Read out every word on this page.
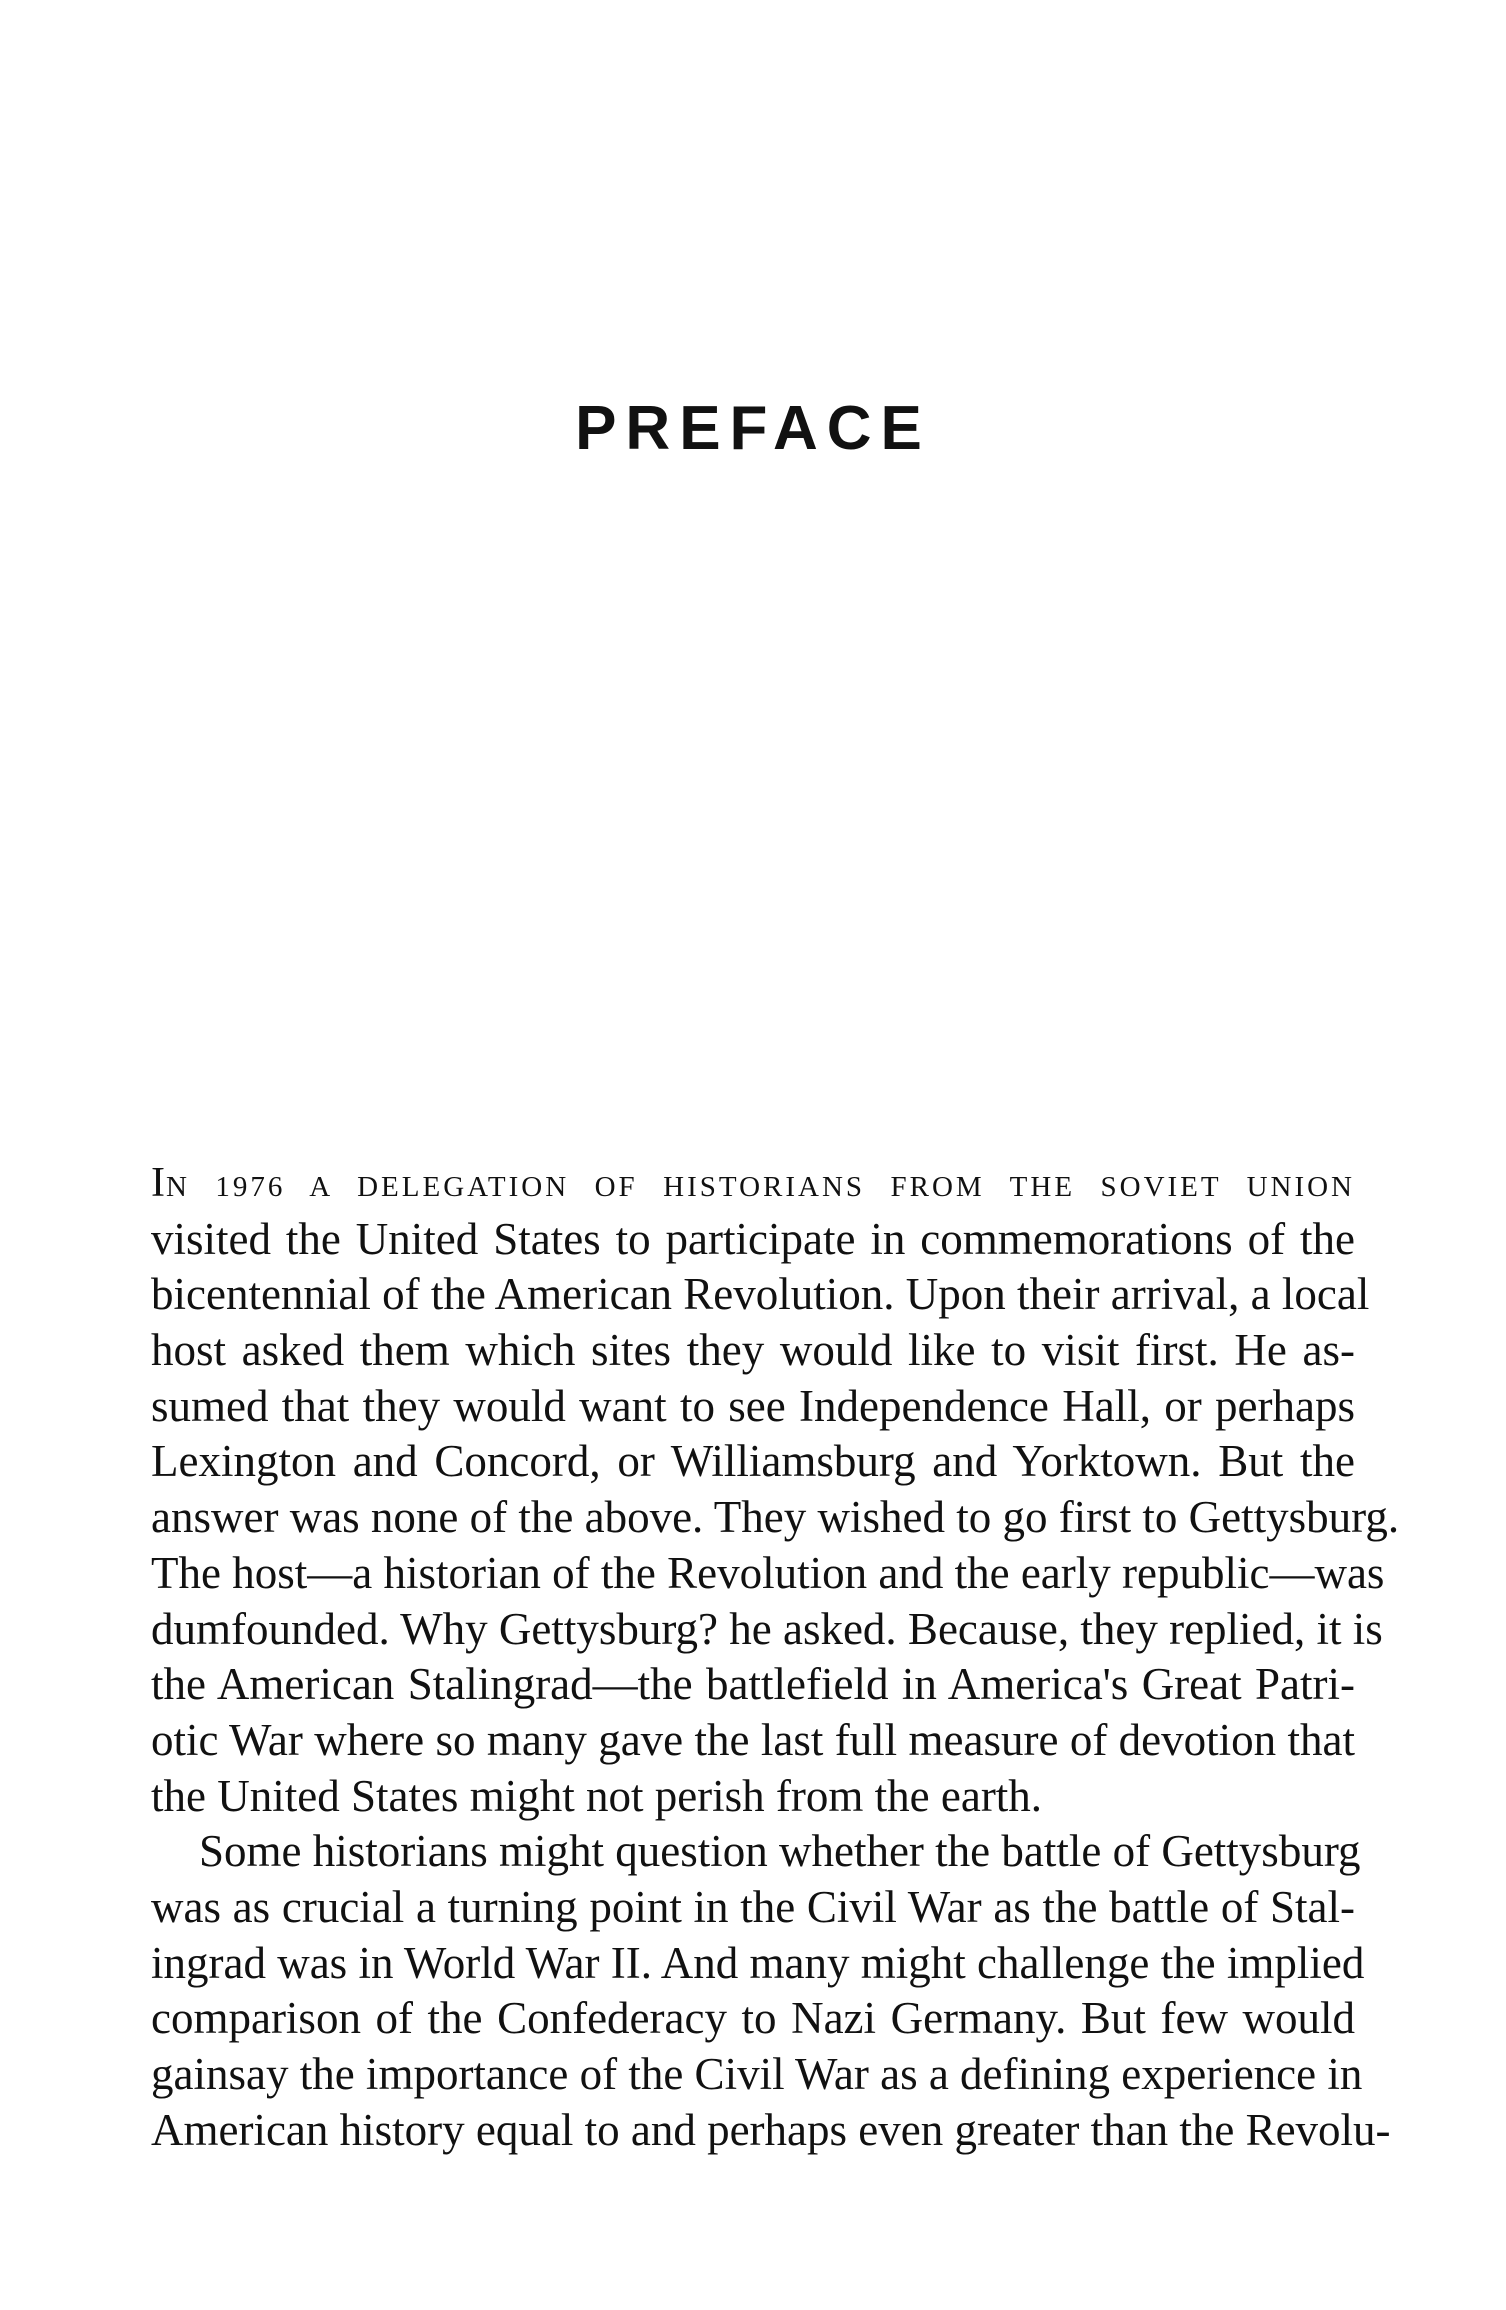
PREFACE
IN 1976 A DELEGATION OF HISTORIANS FROM THE SOVIET UNION
visited the United States to participate in commemorations of the
bicentennial of the American Revolution. Upon their arrival, a local
host asked them which sites they would like to visit first. He as-
sumed that they would want to see Independence Hall, or perhaps
Lexington and Concord, or Williamsburg and Yorktown. But the
answer was none of the above. They wished to go first to Gettysburg.
The host—a historian of the Revolution and the early republic—was
dumfounded. Why Gettysburg? he asked. Because, they replied, it is
the American Stalingrad—the battlefield in America's Great Patri-
otic War where so many gave the last full measure of devotion that
the United States might not perish from the earth.
Some historians might question whether the battle of Gettysburg
was as crucial a turning point in the Civil War as the battle of Stal-
ingrad was in World War II. And many might challenge the implied
comparison of the Confederacy to Nazi Germany. But few would
gainsay the importance of the Civil War as a defining experience in
American history equal to and perhaps even greater than the Revolu-
